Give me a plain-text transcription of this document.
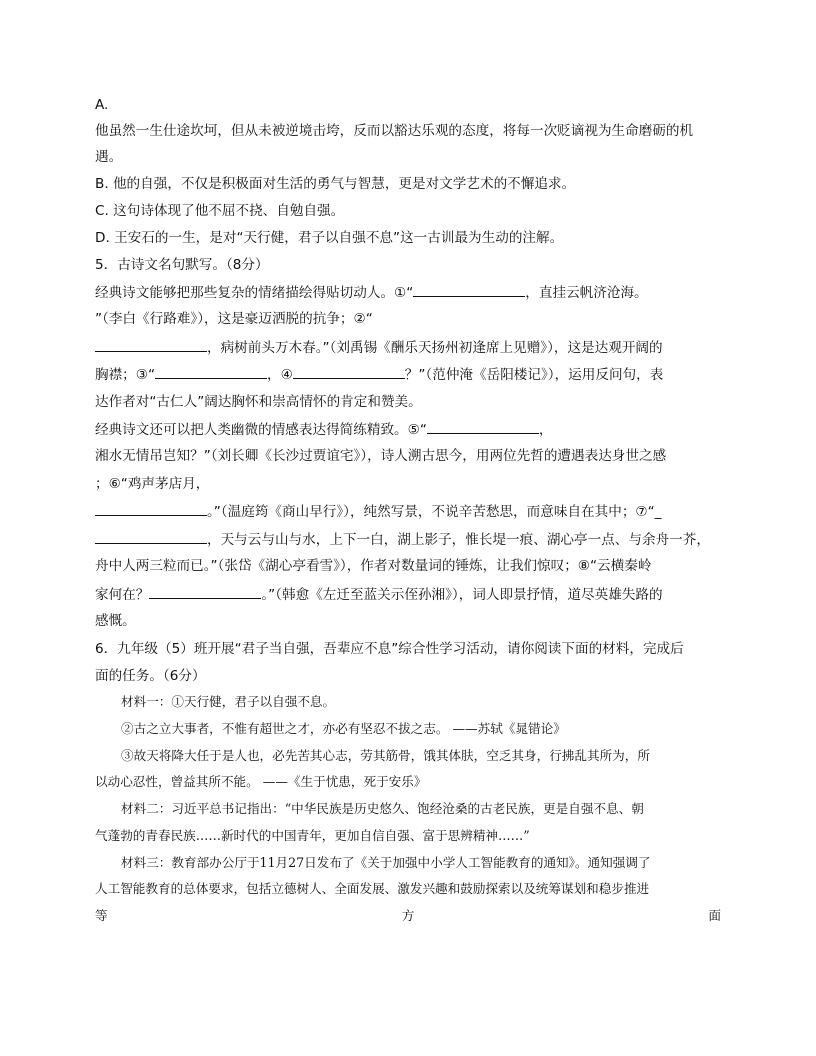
A.
他虽然一生仕途坎坷，但从未被逆境击垮，反而以豁达乐观的态度，将每一次贬谪视为生命磨砺的机
遇。
B. 他的自强，不仅是积极面对生活的勇气与智慧，更是对文学艺术的不懈追求。
C. 这句诗体现了他不屈不挠、自勉自强。
D. 王安石的一生，是对“天行健，君子以自强不息”这一古训最为生动的注解。
5．古诗文名句默写。（8分）
经典诗文能够把那些复杂的情绪描绘得贴切动人。①“	，直挂云帆济沧海。
”（李白《行路难》），这是豪迈洒脱的抗争；②“
，病树前头万木春。”（刘禹锡《酬乐天扬州初逢席上见赠》），这是达观开阔的
胸襟；③“	，④	？”（范仲淹《岳阳楼记》），运用反问句，表
达作者对“古仁人”阔达胸怀和崇高情怀的肯定和赞美。
经典诗文还可以把人类幽微的情感表达得简练精致。⑤“	，
湘水无情吊岂知？”（刘长卿《长沙过贾谊宅》），诗人溯古思今，用两位先哲的遭遇表达身世之感
；⑥“鸡声茅店月，
。”（温庭筠《商山早行》），纯然写景，不说辛苦愁思，而意味自在其中；⑦“_
，天与云与山与水，上下一白，湖上影子，惟长堤一痕、湖心亭一点、与余舟一芥，
舟中人两三粒而已。”（张岱《湖心亭看雪》），作者对数量词的锤炼，让我们惊叹；⑧“云横秦岭
家何在？	。”（韩愈《左迁至蓝关示侄孙湘》），词人即景抒情，道尽英雄失路的
感慨。
6．九年级（5）班开展“君子当自强，吾辈应不息”综合性学习活动，请你阅读下面的材料，完成后
面的任务。（6分）
材料一：①天行健，君子以自强不息。
②古之立大事者，不惟有超世之才，亦必有坚忍不拔之志。 ——苏轼《晁错论》
③故天将降大任于是人也，必先苦其心志，劳其筋骨，饿其体肤，空乏其身，行拂乱其所为，所
以动心忍性，曾益其所不能。 ——《生于忧患，死于安乐》
材料二：习近平总书记指出：“中华民族是历史悠久、饱经沧桑的古老民族，更是自强不息、朝
气蓬勃的青春民族……新时代的中国青年，更加自信自强、富于思辨精神……”
材料三：教育部办公厅于11月27日发布了《关于加强中小学人工智能教育的通知》。通知强调了
人工智能教育的总体要求，包括立德树人、全面发展、激发兴趣和鼓励探索以及统筹谋划和稳步推进
等	方	面
